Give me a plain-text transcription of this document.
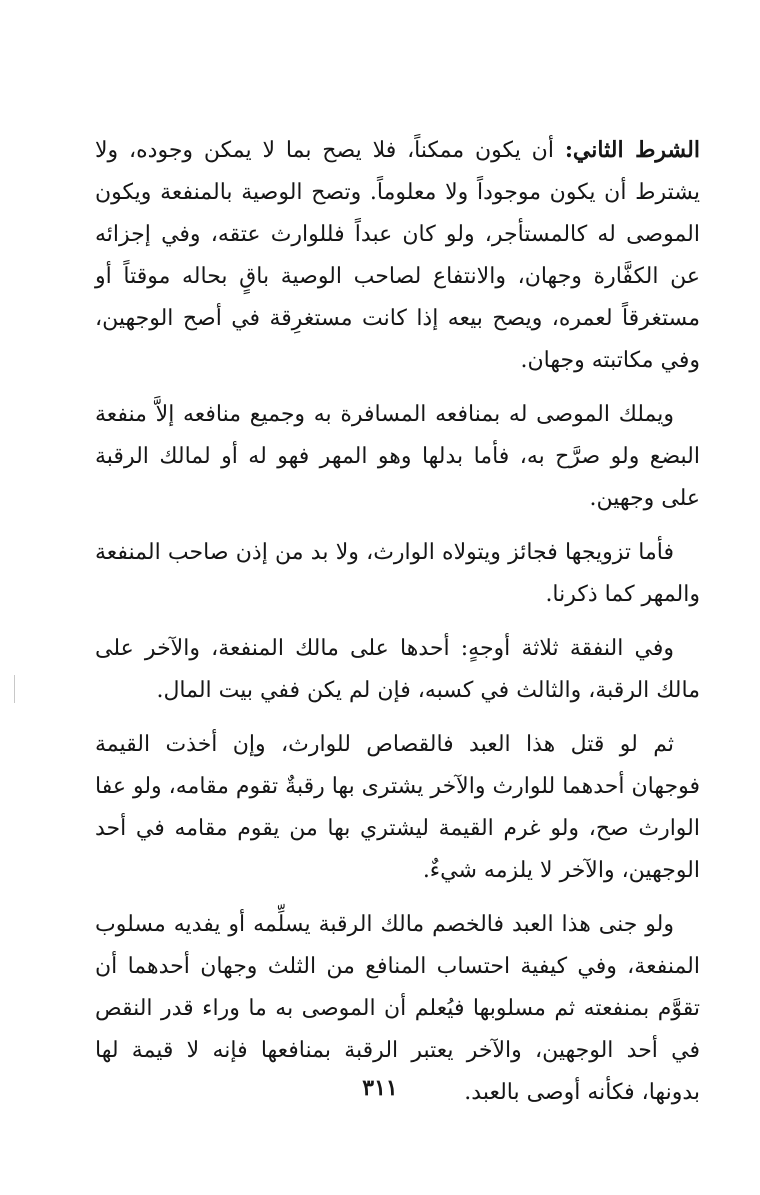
الشرط الثاني: أن يكون ممكناً، فلا يصح بما لا يمكن وجوده، ولا يشترط أن يكون موجوداً ولا معلوماً. وتصح الوصية بالمنفعة ويكون الموصى له كالمستأجر، ولو كان عبداً فللوارث عتقه، وفي إجزائه عن الكفَّارة وجهان، والانتفاع لصاحب الوصية باقٍ بحاله موقتاً أو مستغرقاً لعمره، ويصح بيعه إذا كانت مستغرِقة في أصح الوجهين، وفي مكاتبته وجهان.

ويملك الموصى له بمنافعه المسافرة به وجميع منافعه إلاَّ منفعة البضع ولو صرَّح به، فأما بدلها وهو المهر فهو له أو لمالك الرقبة على وجهين.

فأما تزويجها فجائز ويتولاه الوارث، ولا بد من إذن صاحب المنفعة والمهر كما ذكرنا.

وفي النفقة ثلاثة أوجهٍ: أحدها على مالك المنفعة، والآخر على مالك الرقبة، والثالث في كسبه، فإن لم يكن ففي بيت المال.

ثم لو قتل هذا العبد فالقصاص للوارث، وإن أخذت القيمة فوجهان أحدهما للوارث والآخر يشترى بها رقبةٌ تقوم مقامه، ولو عفا الوارث صح، ولو غرم القيمة ليشتري بها من يقوم مقامه في أحد الوجهين، والآخر لا يلزمه شيءٌ.

ولو جنى هذا العبد فالخصم مالك الرقبة يسلِّمه أو يفديه مسلوب المنفعة، وفي كيفية احتساب المنافع من الثلث وجهان أحدهما أن تقوَّم بمنفعته ثم مسلوبها فيُعلم أن الموصى به ما وراء قدر النقص في أحد الوجهين، والآخر يعتبر الرقبة بمنافعها فإنه لا قيمة لها بدونها، فكأنه أوصى بالعبد.

٣١١
